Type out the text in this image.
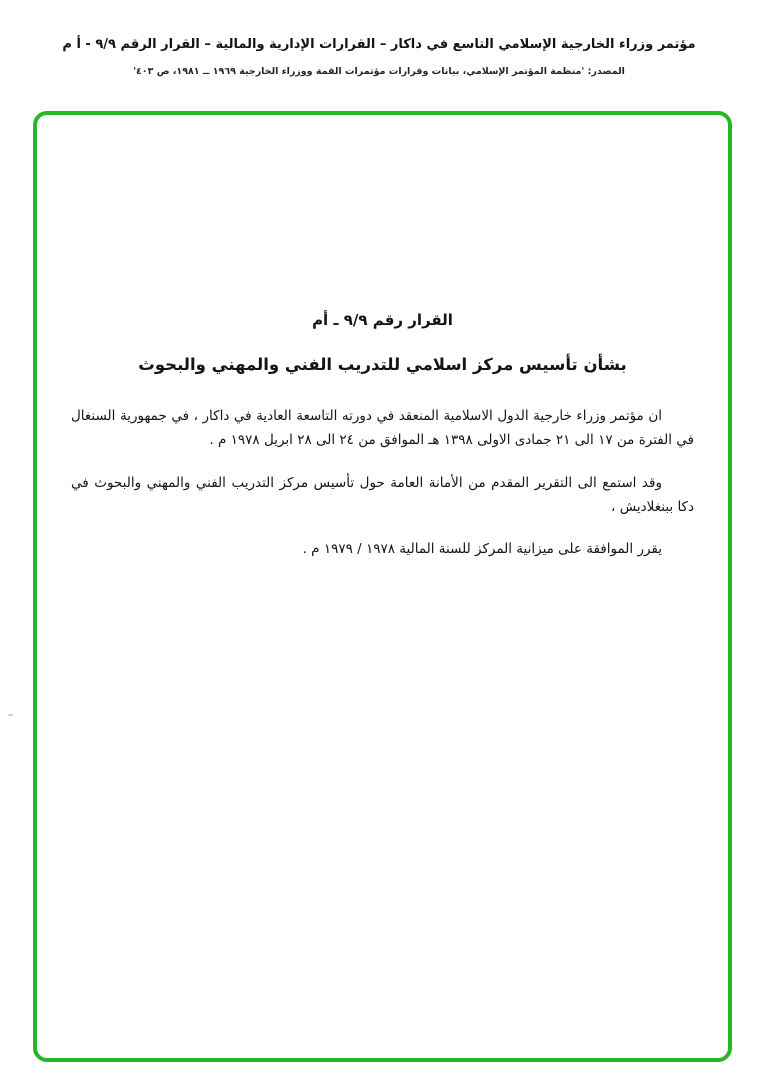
مؤتمر وزراء الخارجية الإسلامي التاسع في داكار – القرارات الإدارية والمالية – القرار الرقم ٩/٩ - أ م
المصدر: 'منظمة المؤتمر الإسلامي، بيانات وقرارات مؤتمرات القمة ووزراء الخارجية ١٩٦٩ ــ ١٩٨١، ص ٤٠٣'
القرار رقم ٩/٩ ـ أم
بشأن تأسيس مركز اسلامي للتدريب الفني والمهني والبحوث

ان مؤتمر وزراء خارجية الدول الاسلامية المنعقد في دورته التاسعة العادية في داكار ، في جمهورية السنغال في الفترة من ١٧ الى ٢١ جمادى الاولى ١٣٩٨ هـ الموافق من ٢٤ الى ٢٨ ابريل ١٩٧٨ م .

وقد استمع الى التقرير المقدم من الأمانة العامة حول تأسيس مركز التدريب الفني والمهني والبحوث في دكا ببنغلاديش ،

يقرر الموافقة على ميزانية المركز للسنة المالية ١٩٧٨ / ١٩٧٩ م .
